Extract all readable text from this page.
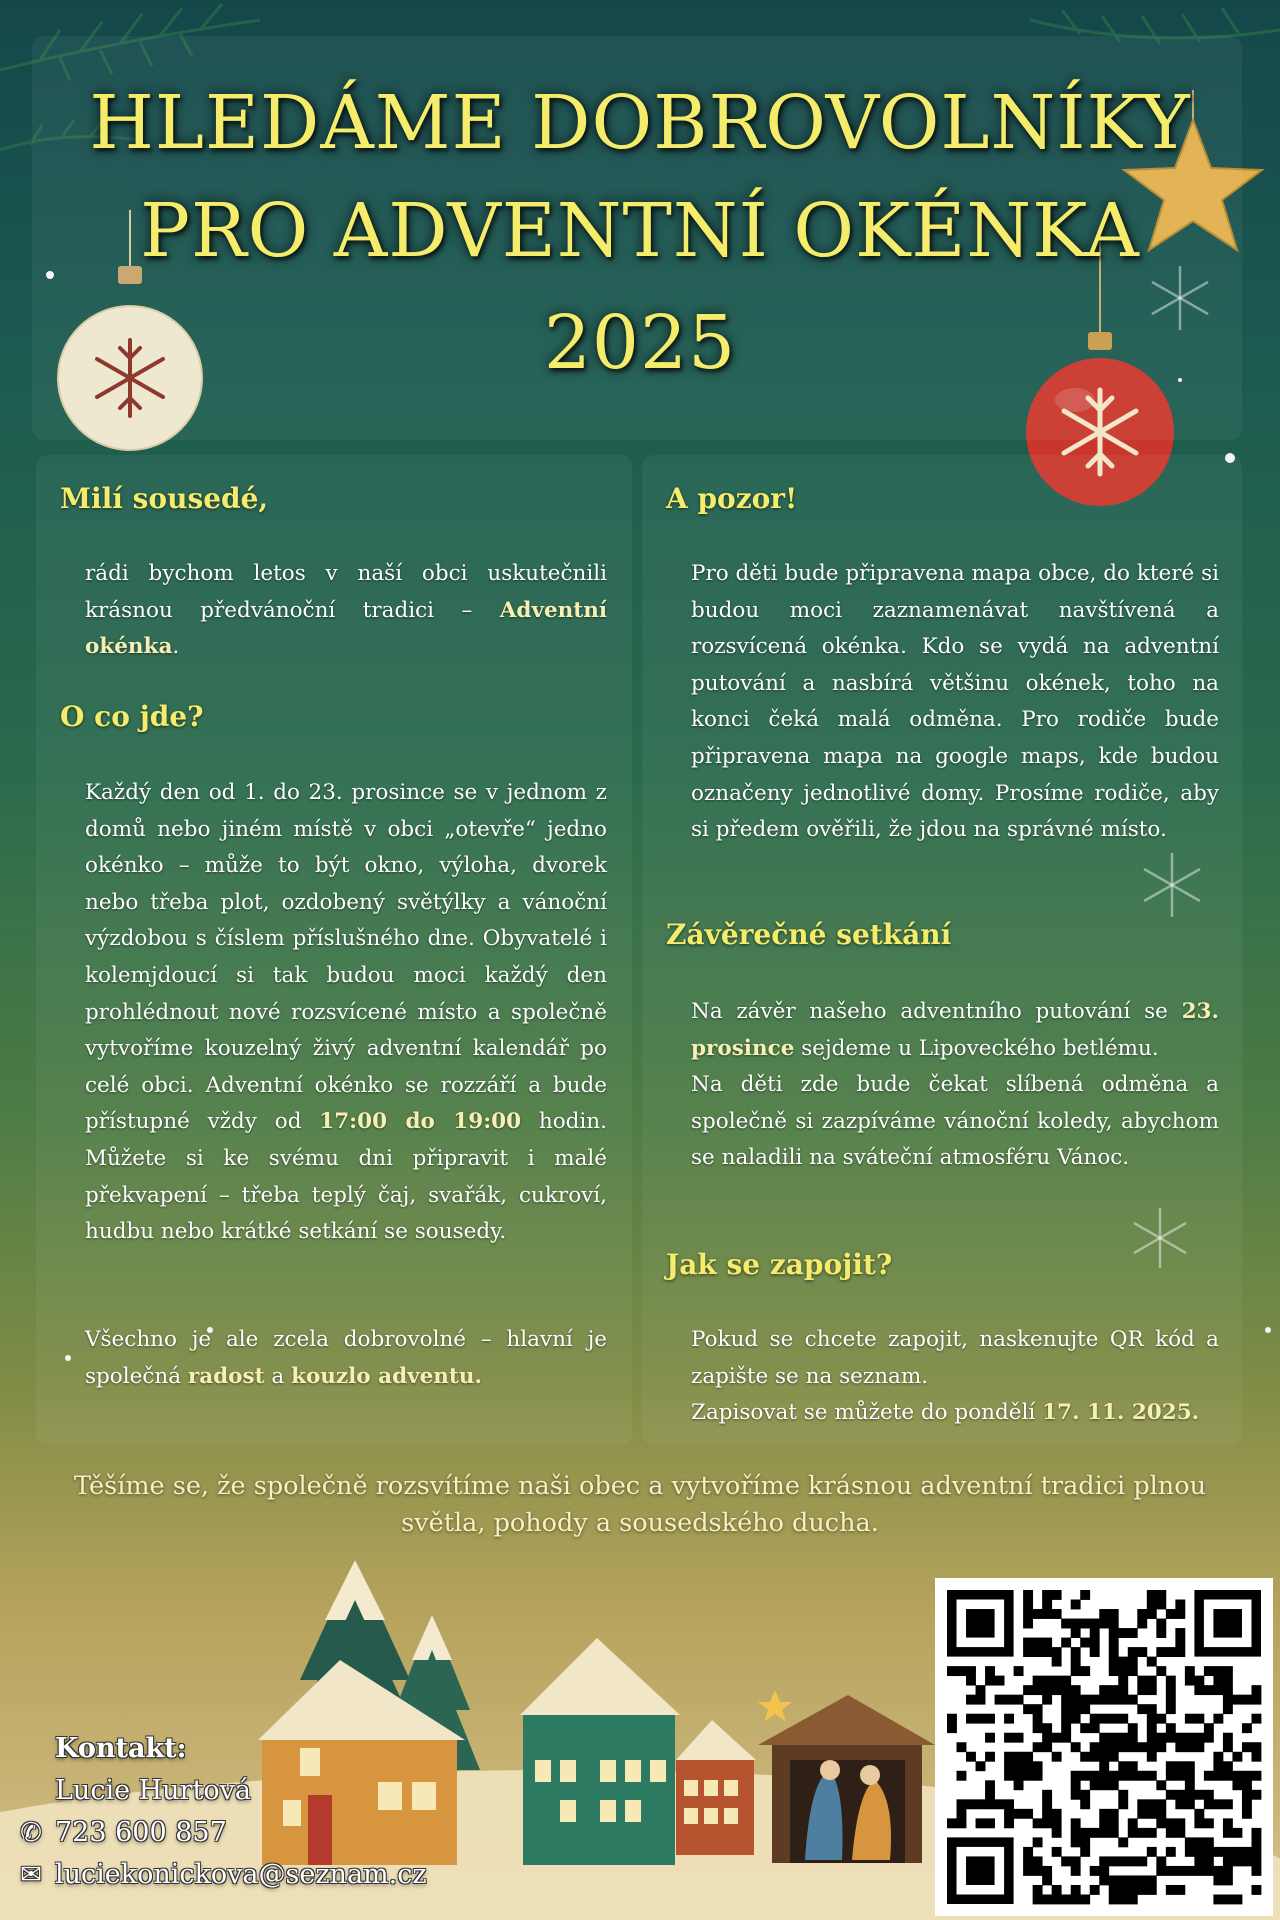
HLEDÁME DOBROVOLNÍKY
PRO ADVENTNÍ OKÉNKA
2025
Milí sousedé,
rádi bychom letos v naší obci uskutečnili krásnou předvánoční tradici – Adventní okénka.
O co jde?
Každý den od 1. do 23. prosince se v jednom z domů nebo jiném místě v obci „otevře“ jedno okénko – může to být okno, výloha, dvorek nebo třeba plot, ozdobený světýlky a vánoční výzdobou s číslem příslušného dne. Obyvatelé i kolemjdoucí si tak budou moci každý den prohlédnout nové rozsvícené místo a společně vytvoříme kouzelný živý adventní kalendář po celé obci. Adventní okénko se rozzáří a bude přístupné vždy od 17:00 do 19:00 hodin. Můžete si ke svému dni připravit i malé překvapení – třeba teplý čaj, svařák, cukroví, hudbu nebo krátké setkání se sousedy.
Všechno je ale zcela dobrovolné – hlavní je společná radost a kouzlo adventu.
A pozor!
Pro děti bude připravena mapa obce, do které si budou moci zaznamenávat navštívená a rozsvícená okénka. Kdo se vydá na adventní putování a nasbírá většinu okének, toho na konci čeká malá odměna. Pro rodiče bude připravena mapa na google maps, kde budou označeny jednotlivé domy. Prosíme rodiče, aby si předem ověřili, že jdou na správné místo.
Závěrečné setkání
Na závěr našeho adventního putování se 23. prosince sejdeme u Lipoveckého betlému.
Na děti zde bude čekat slíbená odměna a společně si zazpíváme vánoční koledy, abychom se naladili na sváteční atmosféru Vánoc.
Jak se zapojit?
Pokud se chcete zapojit, naskenujte QR kód a zapište se na seznam.
Zapisovat se můžete do pondělí 17. 11. 2025.
Těšíme se, že společně rozsvítíme naši obec a vytvoříme krásnou adventní tradici plnou světla, pohody a sousedského ducha.
Kontakt:
Lucie Hurtová
✆ 723 600 857
✉ luciekonickova@seznam.cz
